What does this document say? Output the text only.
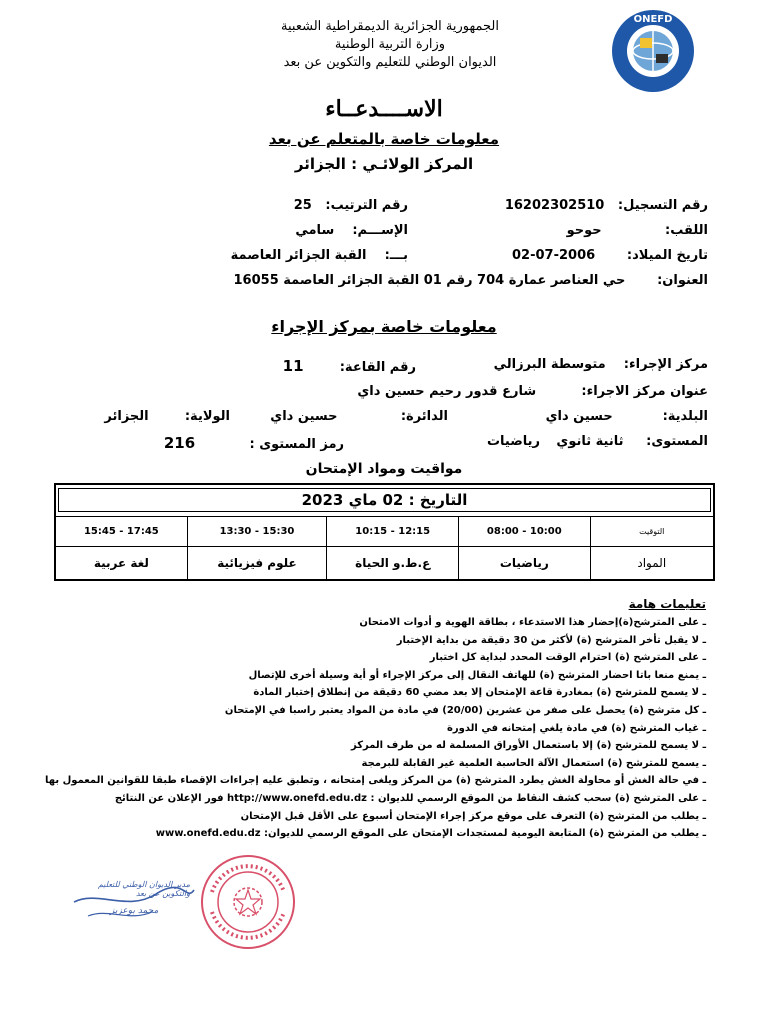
الجمهورية الجزائرية الديمقراطية الشعبية
وزارة التربية الوطنية
الديوان الوطني للتعليم والتكوين عن بعد
ONEFD
الاســــدعــاء
معلومات خاصة بالمتعلم عن بعد
المركز الولائـي : الجزائر
رقم التسجيل:   16202302510
رقم الترتيب:   25
اللقب:              حوحو
الإســـم:    سامي
تاريخ الميلاد:       2006-07-02
بـــ:    القبة الجزائر العاصمة
العنوان:       حي العناصر عمارة 704 رقم 01 القبة الجزائر العاصمة 16055
معلومات خاصة بمركز الإجراء
مركز الإجراء:    متوسطة البرزالي
رقم القاعة:        11
عنوان مركز الاجراء:          شارع قدور رحيم حسين داي
البلدية:           حسين داي
الدائرة:              حسين داي
الولاية:        الجزائر
المستوى:     ثانية ثانوي
رياضيات
رمز المستوى :            216
مواقيت ومواد الإمتحان
التاريخ : 02 ماي 2023				

التوقيت	10:00 - 08:00	12:15 - 10:15	15:30 - 13:30	17:45 - 15:45
المواد	رياضيات	ع.ط.و الحياة	علوم فيزيائية	لغة عربية
تعليمات هامة
ـ على المترشح(ة)إحضار هذا الاستدعاء ، بطاقة الهوية و أدوات الامتحان
ـ لا يقبل تأخر المترشح (ة) لأكثر من 30 دقيقة من بداية الإختبار
ـ على المترشح (ة) احترام الوقت المحدد لبداية كل اختبار
ـ يمنع منعا باتا احضار المترشح (ة) للهاتف النقال إلى مركز الإجراء أو أية وسيلة أخرى للإتصال
ـ لا يسمح للمترشح (ة) بمغادرة قاعة الإمتحان إلا بعد مضي 60 دقيقة من إنطلاق إختبار المادة
ـ كل مترشح (ة) يحصل على صفر من عشرين (20/00) في مادة من المواد يعتبر راسبا في الإمتحان
ـ غياب المترشح (ة) في مادة يلغي إمتحانه في الدورة
ـ لا يسمح للمترشح (ة) إلا باستعمال الأوراق المسلمة له من طرف المركز
ـ يسمح للمترشح (ة) استعمال الآلة الحاسبة العلمية غير القابلة للبرمجة
ـ في حالة الغش أو محاولة الغش يطرد المترشح (ة) من المركز ويلغى إمتحانه ، وتطبق عليه إجراءات الإقصاء طبقا للقوانين المعمول بها
ـ على المترشح (ة) سحب كشف النقاط من الموقع الرسمي للديوان : http://www.onefd.edu.dz فور الإعلان عن النتائج
ـ يطلب من المترشح (ة) التعرف على موقع مركز إجراء الإمتحان أسبوع على الأقل قبل الإمتحان
ـ يطلب من المترشح (ة) المتابعة اليومية لمستجدات الإمتحان على الموقع الرسمي للديوان: www.onefd.edu.dz
مدير الديوان الوطني للتعليم
والتكوين عن بعد
محمد بوعزيز
